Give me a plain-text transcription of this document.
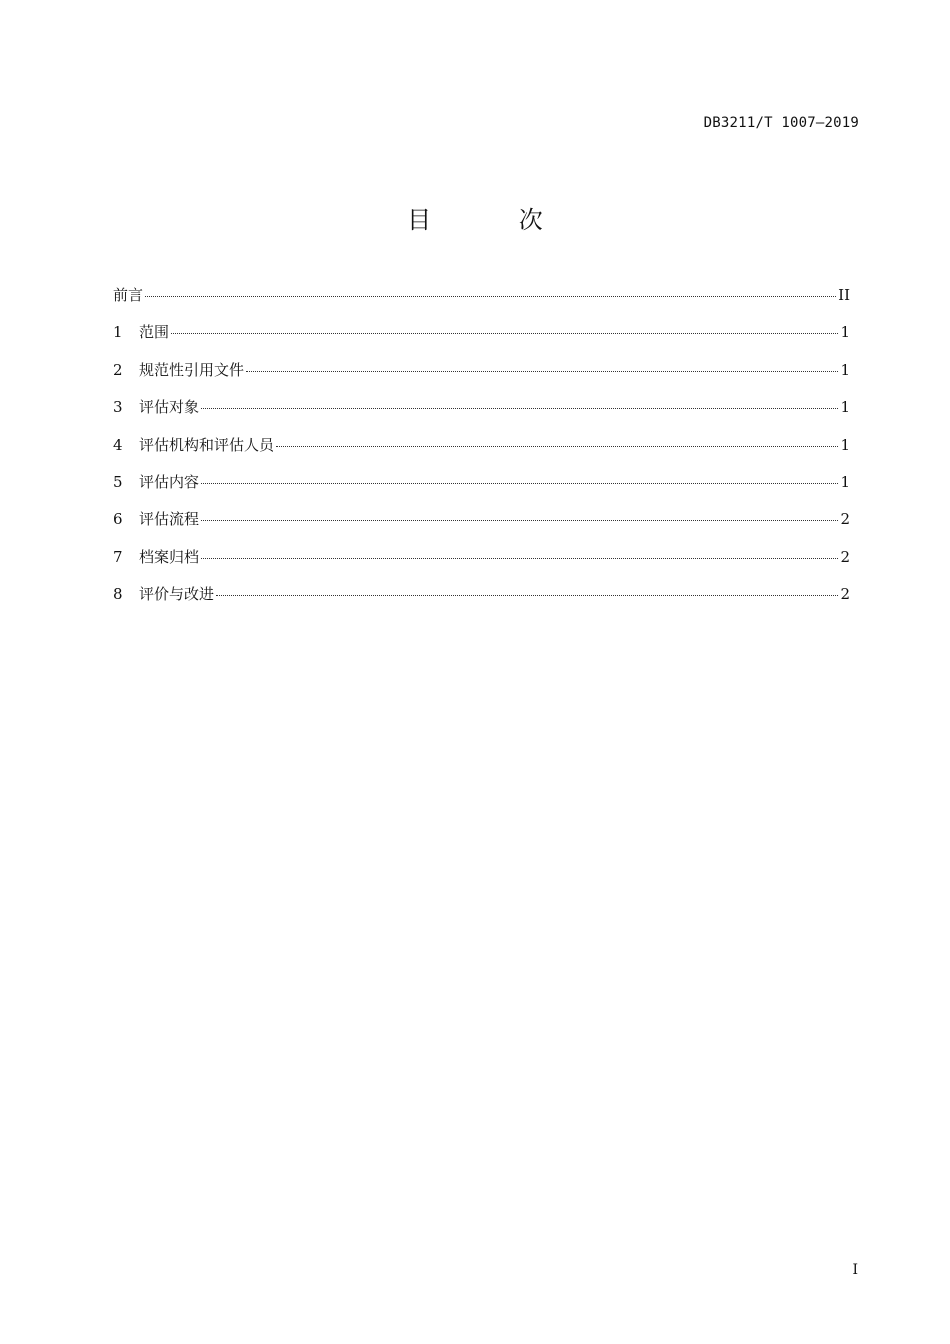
DB3211/T 1007—2019
目 次
前言	II
1	范围	1
2	规范性引用文件	1
3	评估对象	1
4	评估机构和评估人员	1
5	评估内容	1
6	评估流程	2
7	档案归档	2
8	评价与改进	2
I
